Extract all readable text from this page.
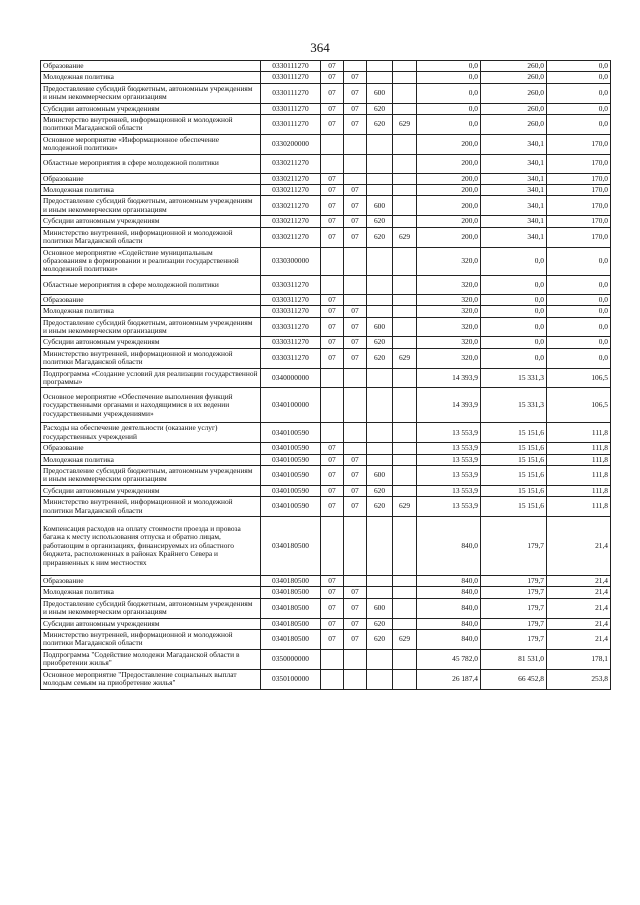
364
Образование	0330111270	07				0,0	260,0	0,0
Молодежная политика	0330111270	07	07			0,0	260,0	0,0
Предоставление субсидий бюджетным, автономным учреждениям и иным некоммерческим организациям	0330111270	07	07	600		0,0	260,0	0,0
Субсидии автономным учреждениям	0330111270	07	07	620		0,0	260,0	0,0
Министерство внутренней, информационной и молодежной политики Магаданской области	0330111270	07	07	620	629	0,0	260,0	0,0
Основное мероприятие «Информационное обеспечение молодежной политики»	0330200000					200,0	340,1	170,0
Областные мероприятия в сфере молодежной политики	0330211270					200,0	340,1	170,0
Образование	0330211270	07				200,0	340,1	170,0
Молодежная политика	0330211270	07	07			200,0	340,1	170,0
Предоставление субсидий бюджетным, автономным учреждениям и иным некоммерческим организациям	0330211270	07	07	600		200,0	340,1	170,0
Субсидии автономным учреждениям	0330211270	07	07	620		200,0	340,1	170,0
Министерство внутренней, информационной и молодежной политики Магаданской области	0330211270	07	07	620	629	200,0	340,1	170,0
Основное мероприятие «Содействие муниципальным образованиям в формировании и реализации государственной молодежной политики»	0330300000					320,0	0,0	0,0
Областные мероприятия в сфере молодежной политики	0330311270					320,0	0,0	0,0
Образование	0330311270	07				320,0	0,0	0,0
Молодежная политика	0330311270	07	07			320,0	0,0	0,0
Предоставление субсидий бюджетным, автономным учреждениям и иным некоммерческим организациям	0330311270	07	07	600		320,0	0,0	0,0
Субсидии автономным учреждениям	0330311270	07	07	620		320,0	0,0	0,0
Министерство внутренней, информационной и молодежной политики Магаданской области	0330311270	07	07	620	629	320,0	0,0	0,0
Подпрограмма «Создание условий для реализации государственной программы»	0340000000					14 393,9	15 331,3	106,5
Основное мероприятие «Обеспечение выполнения функций государственными органами и находящимися в их ведении государственными учреждениями»	0340100000					14 393,9	15 331,3	106,5
Расходы на обеспечение деятельности (оказание услуг) государственных учреждений	0340100590					13 553,9	15 151,6	111,8
Образование	0340100590	07				13 553,9	15 151,6	111,8
Молодежная политика	0340100590	07	07			13 553,9	15 151,6	111,8
Предоставление субсидий бюджетным, автономным учреждениям и иным некоммерческим организациям	0340100590	07	07	600		13 553,9	15 151,6	111,8
Субсидии автономным учреждениям	0340100590	07	07	620		13 553,9	15 151,6	111,8
Министерство внутренней, информационной и молодежной политики Магаданской области	0340100590	07	07	620	629	13 553,9	15 151,6	111,8
Компенсация расходов на оплату стоимости проезда и провоза багажа к месту использования отпуска и обратно лицам, работающим в организациях, финансируемых из областного бюджета, расположенных в районах Крайнего Севера и приравненных к ним местностях	0340180500					840,0	179,7	21,4
Образование	0340180500	07				840,0	179,7	21,4
Молодежная политика	0340180500	07	07			840,0	179,7	21,4
Предоставление субсидий бюджетным, автономным учреждениям и иным некоммерческим организациям	0340180500	07	07	600		840,0	179,7	21,4
Субсидии автономным учреждениям	0340180500	07	07	620		840,0	179,7	21,4
Министерство внутренней, информационной и молодежной политики Магаданской области	0340180500	07	07	620	629	840,0	179,7	21,4
Подпрограмма "Содействие молодежи Магаданской области в приобретении жилья"	0350000000					45 782,0	81 531,0	178,1
Основное мероприятие "Предоставление социальных выплат молодым семьям на приобретение жилья"	0350100000					26 187,4	66 452,8	253,8
